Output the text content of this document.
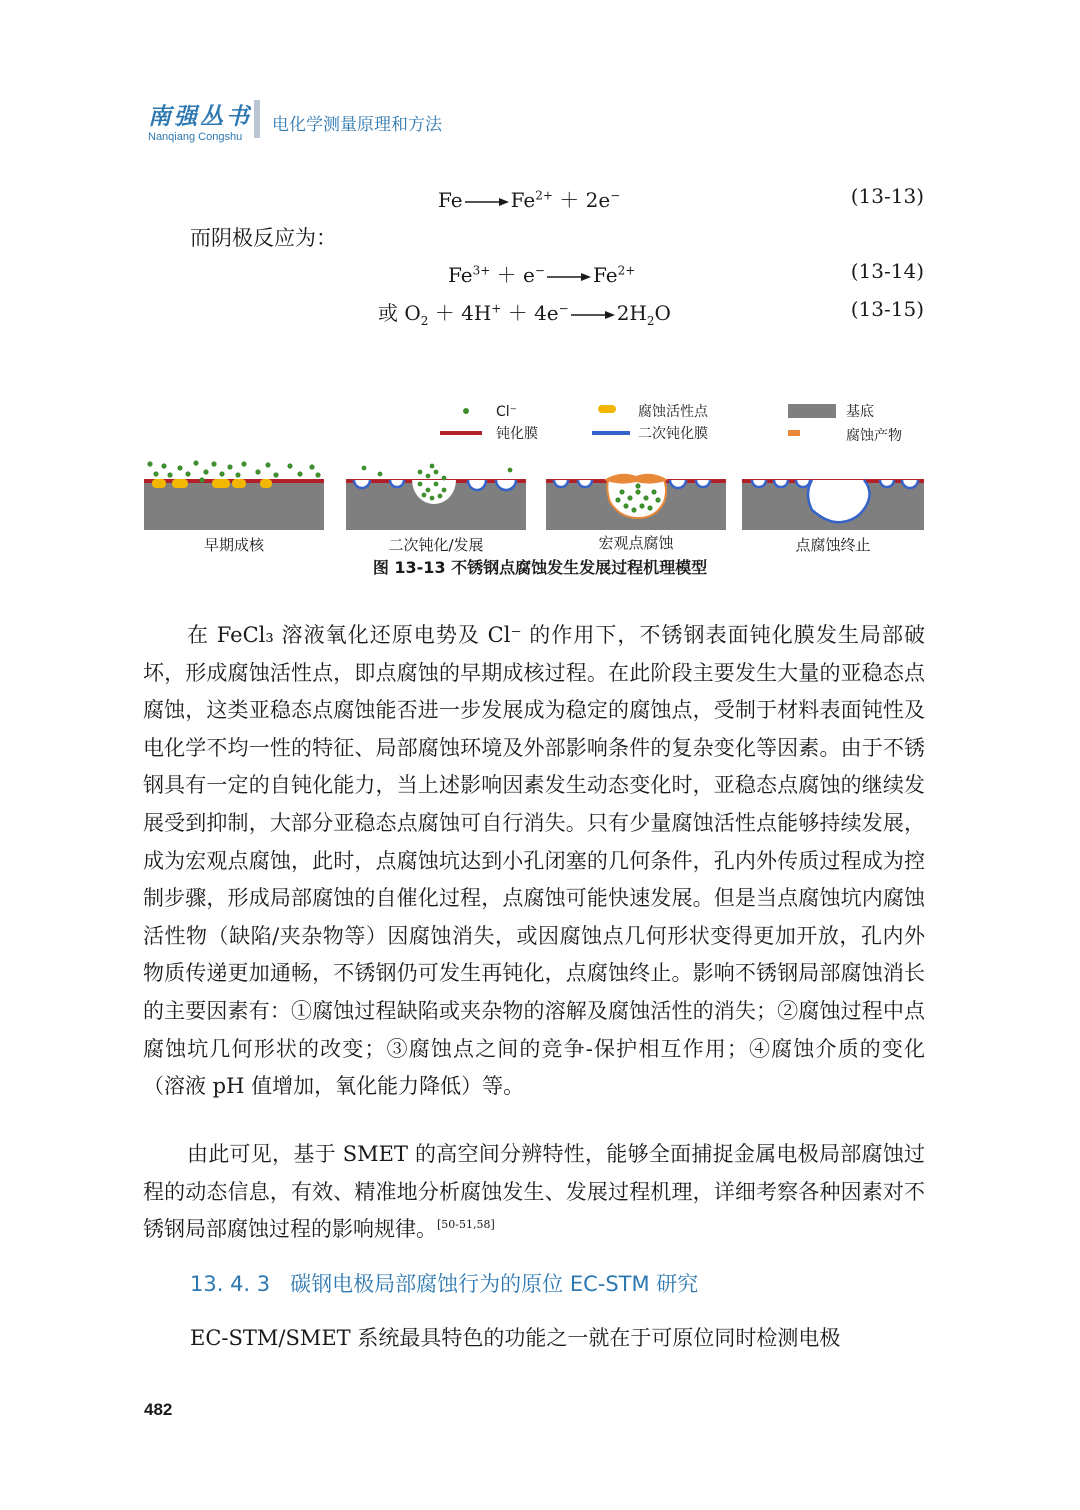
南强丛书
Nanqiang Congshu
电化学测量原理和方法
$Fe \to Fe^{2+} + 2e^-$	(13-13)
而阴极反应为：
$Fe^{3+} + e^- \to Fe^{2+}$	(13-14)
或 $O_2 + 4H^+ + 4e^- \to 2H_2O$	(13-15)
Cl⁻
钝化膜
腐蚀活性点
二次钝化膜
基底
腐蚀产物
早期成核	二次钝化/发展	宏观点腐蚀	点腐蚀终止
图 13-13 不锈钢点腐蚀发生发展过程机理模型

在 FeCl₃ 溶液氧化还原电势及 Cl⁻ 的作用下，不锈钢表面钝化膜发生局部破坏，形成腐蚀活性点，即点腐蚀的早期成核过程。在此阶段主要发生大量的亚稳态点腐蚀，这类亚稳态点腐蚀能否进一步发展成为稳定的腐蚀点，受制于材料表面钝性及电化学不均一性的特征、局部腐蚀环境及外部影响条件的复杂变化等因素。由于不锈钢具有一定的自钝化能力，当上述影响因素发生动态变化时，亚稳态点腐蚀的继续发展受到抑制，大部分亚稳态点腐蚀可自行消失。只有少量腐蚀活性点能够持续发展，成为宏观点腐蚀，此时，点腐蚀坑达到小孔闭塞的几何条件，孔内外传质过程成为控制步骤，形成局部腐蚀的自催化过程，点腐蚀可能快速发展。但是当点腐蚀坑内腐蚀活性物（缺陷/夹杂物等）因腐蚀消失，或因腐蚀点几何形状变得更加开放，孔内外物质传递更加通畅，不锈钢仍可发生再钝化，点腐蚀终止。影响不锈钢局部腐蚀消长的主要因素有：①腐蚀过程缺陷或夹杂物的溶解及腐蚀活性的消失；②腐蚀过程中点腐蚀坑几何形状的改变；③腐蚀点之间的竞争-保护相互作用；④腐蚀介质的变化（溶液 pH 值增加，氧化能力降低）等。

由此可见，基于 SMET 的高空间分辨特性，能够全面捕捉金属电极局部腐蚀过程的动态信息，有效、精准地分析腐蚀发生、发展过程机理，详细考察各种因素对不锈钢局部腐蚀过程的影响规律。[50-51,58]

13. 4. 3 碳钢电极局部腐蚀行为的原位 EC-STM 研究
EC-STM/SMET 系统最具特色的功能之一就在于可原位同时检测电极
482
